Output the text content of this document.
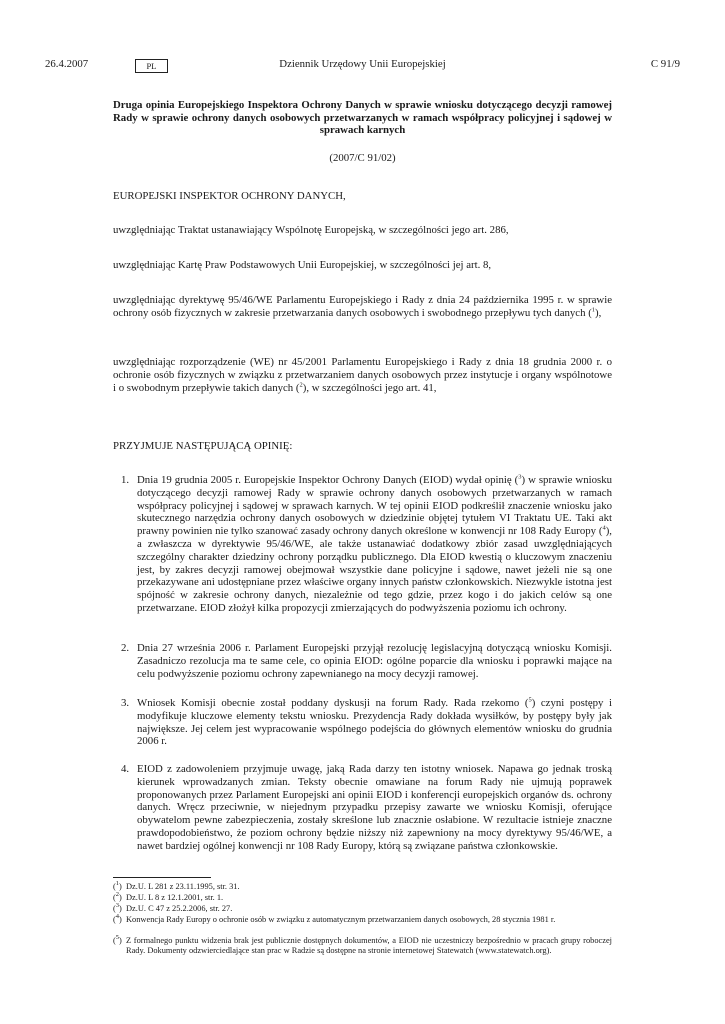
26.4.2007	PL	Dziennik Urzędowy Unii Europejskiej	C 91/9
Druga opinia Europejskiego Inspektora Ochrony Danych w sprawie wniosku dotyczącego decyzji ramowej Rady w sprawie ochrony danych osobowych przetwarzanych w ramach współpracy policyjnej i sądowej w sprawach karnych
(2007/C 91/02)
EUROPEJSKI INSPEKTOR OCHRONY DANYCH,
uwzględniając Traktat ustanawiający Wspólnotę Europejską, w szczególności jego art. 286,
uwzględniając Kartę Praw Podstawowych Unii Europejskiej, w szczególności jej art. 8,
uwzględniając dyrektywę 95/46/WE Parlamentu Europejskiego i Rady z dnia 24 października 1995 r. w sprawie ochrony osób fizycznych w zakresie przetwarzania danych osobowych i swobodnego przepływu tych danych ($^1$),
uwzględniając rozporządzenie (WE) nr 45/2001 Parlamentu Europejskiego i Rady z dnia 18 grudnia 2000 r. o ochronie osób fizycznych w związku z przetwarzaniem danych osobowych przez instytucje i organy wspólnotowe i o swobodnym przepływie takich danych ($^2$), w szczególności jego art. 41,
PRZYJMUJE NASTĘPUJĄCĄ OPINIĘ:
1. Dnia 19 grudnia 2005 r. Europejskie Inspektor Ochrony Danych (EIOD) wydał opinię ($^3$) w sprawie wniosku dotyczącego decyzji ramowej Rady w sprawie ochrony danych osobowych przetwarzanych w ramach współpracy policyjnej i sądowej w sprawach karnych. W tej opinii EIOD podkreślił znaczenie wniosku jako skutecznego narzędzia ochrony danych osobowych w dziedzinie objętej tytułem VI Traktatu UE. Taki akt prawny powinien nie tylko szanować zasady ochrony danych określone w konwencji nr 108 Rady Europy ($^4$), a zwłaszcza w dyrektywie 95/46/WE, ale także ustanawiać dodatkowy zbiór zasad uwzględniających szczególny charakter dziedziny ochrony porządku publicznego. Dla EIOD kwestią o kluczowym znaczeniu jest, by zakres decyzji ramowej obejmował wszystkie dane policyjne i sądowe, nawet jeżeli nie są one przekazywane ani udostępniane przez właściwe organy innych państw członkowskich. Niezwykle istotna jest spójność w zakresie ochrony danych, niezależnie od tego gdzie, przez kogo i do jakich celów są one przetwarzane. EIOD złożył kilka propozycji zmierzających do podwyższenia poziomu ich ochrony.
2. Dnia 27 września 2006 r. Parlament Europejski przyjął rezolucję legislacyjną dotyczącą wniosku Komisji. Zasadniczo rezolucja ma te same cele, co opinia EIOD: ogólne poparcie dla wniosku i poprawki mające na celu podwyższenie poziomu ochrony zapewnianego na mocy decyzji ramowej.
3. Wniosek Komisji obecnie został poddany dyskusji na forum Rady. Rada rzekomo ($^5$) czyni postępy i modyfikuje kluczowe elementy tekstu wniosku. Prezydencja Rady dokłada wysiłków, by postępy były jak największe. Jej celem jest wypracowanie wspólnego podejścia do głównych elementów wniosku do grudnia 2006 r.
4. EIOD z zadowoleniem przyjmuje uwagę, jaką Rada darzy ten istotny wniosek. Napawa go jednak troską kierunek wprowadzanych zmian. Teksty obecnie omawiane na forum Rady nie ujmują poprawek proponowanych przez Parlament Europejski ani opinii EIOD i konferencji europejskich organów ds. ochrony danych. Wręcz przeciwnie, w niejednym przypadku przepisy zawarte we wniosku Komisji, oferujące obywatelom pewne zabezpieczenia, zostały skreślone lub znacznie osłabione. W rezultacie istnieje znaczne prawdopodobieństwo, że poziom ochrony będzie niższy niż zapewniony na mocy dyrektywy 95/46/WE, a nawet bardziej ogólnej konwencji nr 108 Rady Europy, którą są związane państwa członkowskie.
($^1$) Dz.U. L 281 z 23.11.1995, str. 31.
($^2$) Dz.U. L 8 z 12.1.2001, str. 1.
($^3$) Dz.U. C 47 z 25.2.2006, str. 27.
($^4$) Konwencja Rady Europy o ochronie osób w związku z automatycznym przetwarzaniem danych osobowych, 28 stycznia 1981 r.
($^5$) Z formalnego punktu widzenia brak jest publicznie dostępnych dokumentów, a EIOD nie uczestniczy bezpośrednio w pracach grupy roboczej Rady. Dokumenty odzwierciedlające stan prac w Radzie są dostępne na stronie internetowej Statewatch (www.statewatch.org).
